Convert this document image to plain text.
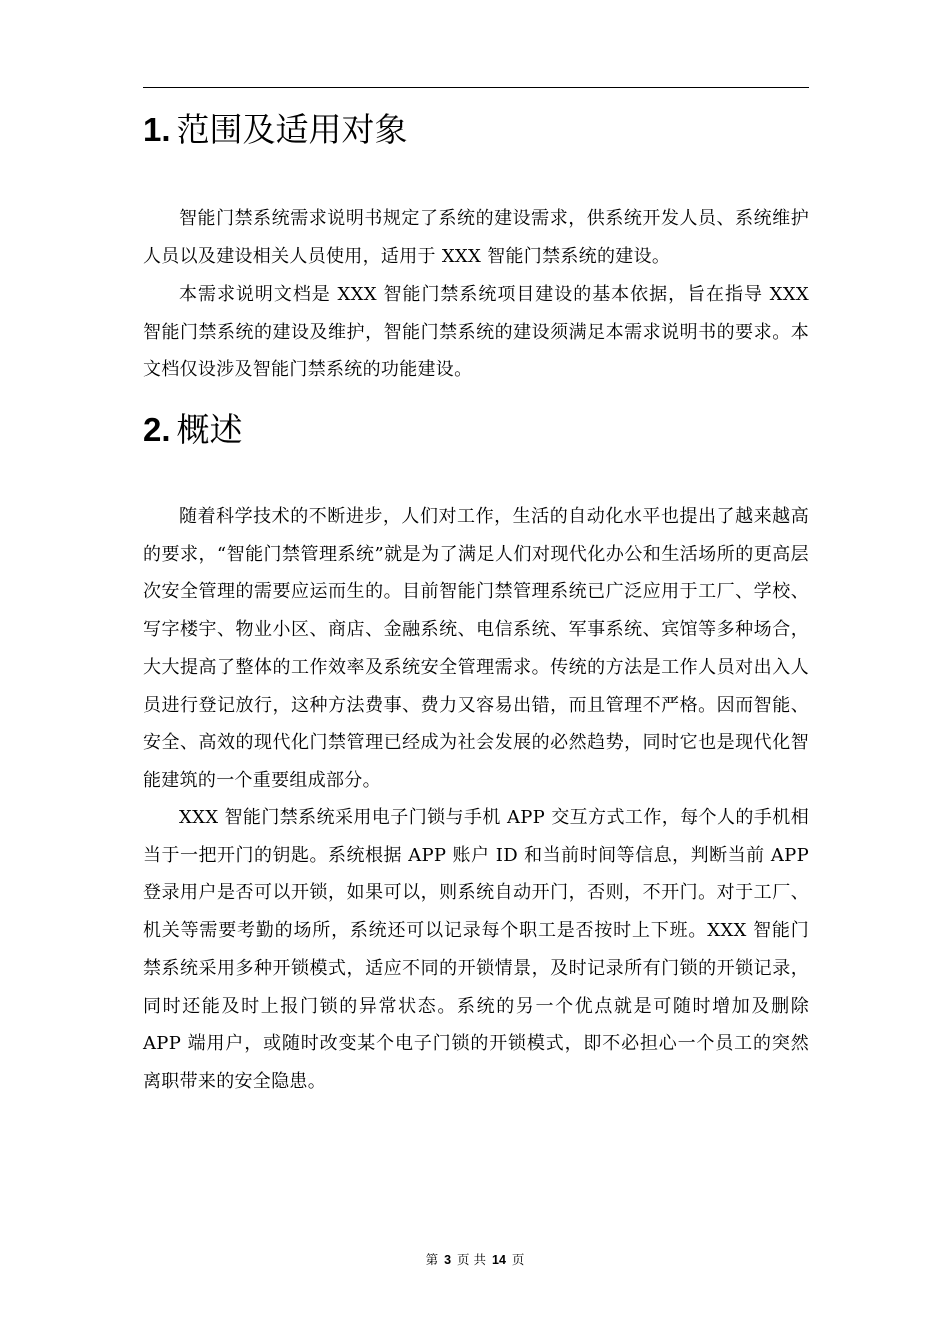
1. 范围及适用对象

智能门禁系统需求说明书规定了系统的建设需求，供系统开发人员、系统维护人员以及建设相关人员使用，适用于 XXX 智能门禁系统的建设。

本需求说明文档是 XXX 智能门禁系统项目建设的基本依据，旨在指导 XXX 智能门禁系统的建设及维护，智能门禁系统的建设须满足本需求说明书的要求。本文档仅设涉及智能门禁系统的功能建设。

2. 概述

随着科学技术的不断进步，人们对工作，生活的自动化水平也提出了越来越高的要求，“智能门禁管理系统”就是为了满足人们对现代化办公和生活场所的更高层次安全管理的需要应运而生的。目前智能门禁管理系统已广泛应用于工厂、学校、写字楼宇、物业小区、商店、金融系统、电信系统、军事系统、宾馆等多种场合，大大提高了整体的工作效率及系统安全管理需求。传统的方法是工作人员对出入人员进行登记放行，这种方法费事、费力又容易出错，而且管理不严格。因而智能、安全、高效的现代化门禁管理已经成为社会发展的必然趋势，同时它也是现代化智能建筑的一个重要组成部分。

XXX 智能门禁系统采用电子门锁与手机 APP 交互方式工作，每个人的手机相当于一把开门的钥匙。系统根据 APP 账户 ID 和当前时间等信息，判断当前 APP 登录用户是否可以开锁，如果可以，则系统自动开门，否则，不开门。对于工厂、机关等需要考勤的场所，系统还可以记录每个职工是否按时上下班。XXX 智能门禁系统采用多种开锁模式，适应不同的开锁情景，及时记录所有门锁的开锁记录，同时还能及时上报门锁的异常状态。系统的另一个优点就是可随时增加及删除 APP 端用户，或随时改变某个电子门锁的开锁模式，即不必担心一个员工的突然离职带来的安全隐患。

第 3 页 共 14 页
